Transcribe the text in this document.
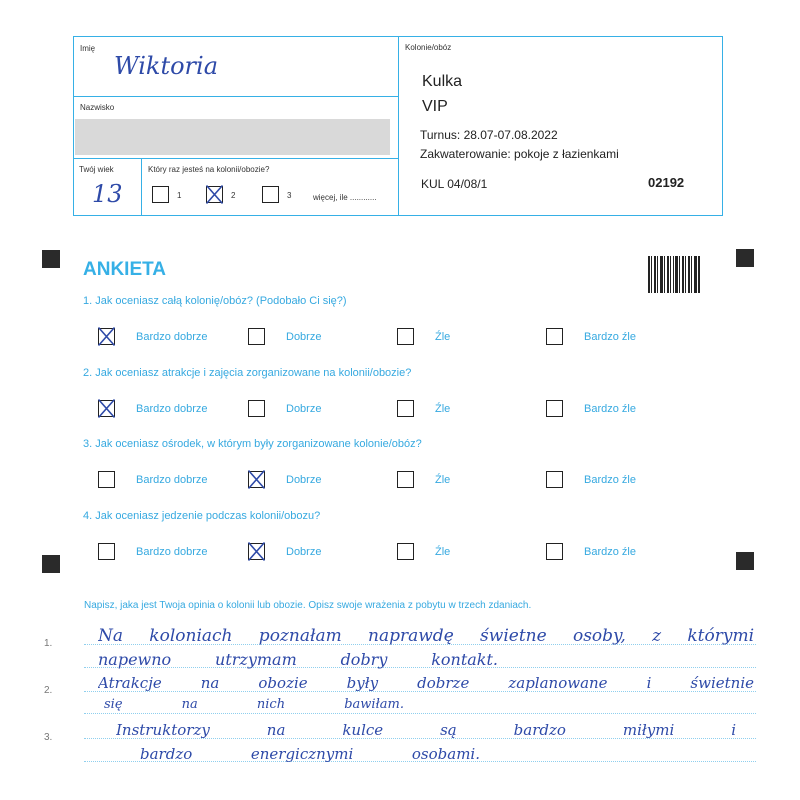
Imię
Wiktoria
Nazwisko
Twój wiek
13
Który raz jesteś na kolonii/obozie?
1	2	3	więcej, ile ............
Kolonie/obóz
Kulka
VIP
Turnus: 28.07-07.08.2022
Zakwaterowanie: pokoje z łazienkami
KUL 04/08/1	02192
ANKIETA
1. Jak oceniasz całą kolonię/obóz? (Podobało Ci się?)
Bardzo dobrze	Dobrze	Źle	Bardzo źle
2. Jak oceniasz atrakcje i zajęcia zorganizowane na kolonii/obozie?
Bardzo dobrze	Dobrze	Źle	Bardzo źle
3. Jak oceniasz ośrodek, w którym były zorganizowane kolonie/obóz?
Bardzo dobrze	Dobrze	Źle	Bardzo źle
4. Jak oceniasz jedzenie podczas kolonii/obozu?
Bardzo dobrze	Dobrze	Źle	Bardzo źle
Napisz, jaka jest Twoja opinia o kolonii lub obozie. Opisz swoje wrażenia z pobytu w trzech zdaniach.
1.
2.
3.
Na koloniach poznałam naprawdę świetne osoby, z którymi
napewno utrzymam dobry kontakt.
Atrakcje na obozie były dobrze zaplanowane i świetnie
się na nich bawiłam.
Instruktorzy na kulce są bardzo miłymi i
bardzo energicznymi osobami.
